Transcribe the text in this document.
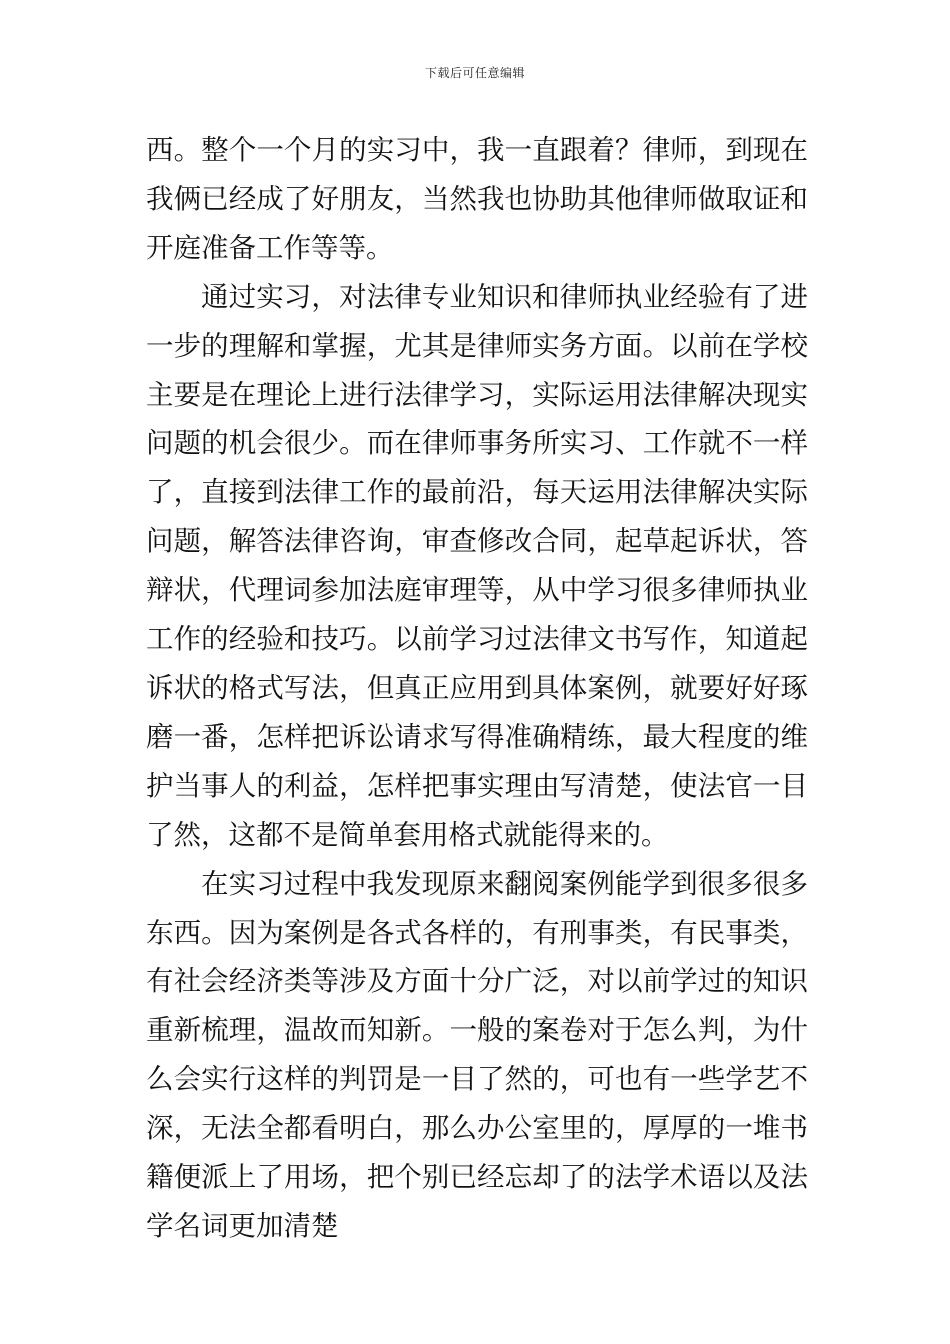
下载后可任意编辑

西。整个一个月的实习中，我一直跟着？律师，到现在我俩已经成了好朋友，当然我也协助其他律师做取证和开庭准备工作等等。

通过实习，对法律专业知识和律师执业经验有了进一步的理解和掌握，尤其是律师实务方面。以前在学校主要是在理论上进行法律学习，实际运用法律解决现实问题的机会很少。而在律师事务所实习、工作就不一样了，直接到法律工作的最前沿，每天运用法律解决实际问题，解答法律咨询，审查修改合同，起草起诉状，答辩状，代理词参加法庭审理等，从中学习很多律师执业工作的经验和技巧。以前学习过法律文书写作，知道起诉状的格式写法，但真正应用到具体案例，就要好好琢磨一番，怎样把诉讼请求写得准确精练，最大程度的维护当事人的利益，怎样把事实理由写清楚，使法官一目了然，这都不是简单套用格式就能得来的。

在实习过程中我发现原来翻阅案例能学到很多很多东西。因为案例是各式各样的，有刑事类，有民事类，有社会经济类等涉及方面十分广泛，对以前学过的知识重新梳理，温故而知新。一般的案卷对于怎么判，为什么会实行这样的判罚是一目了然的，可也有一些学艺不深，无法全都看明白，那么办公室里的，厚厚的一堆书籍便派上了用场，把个别已经忘却了的法学术语以及法学名词更加清楚
